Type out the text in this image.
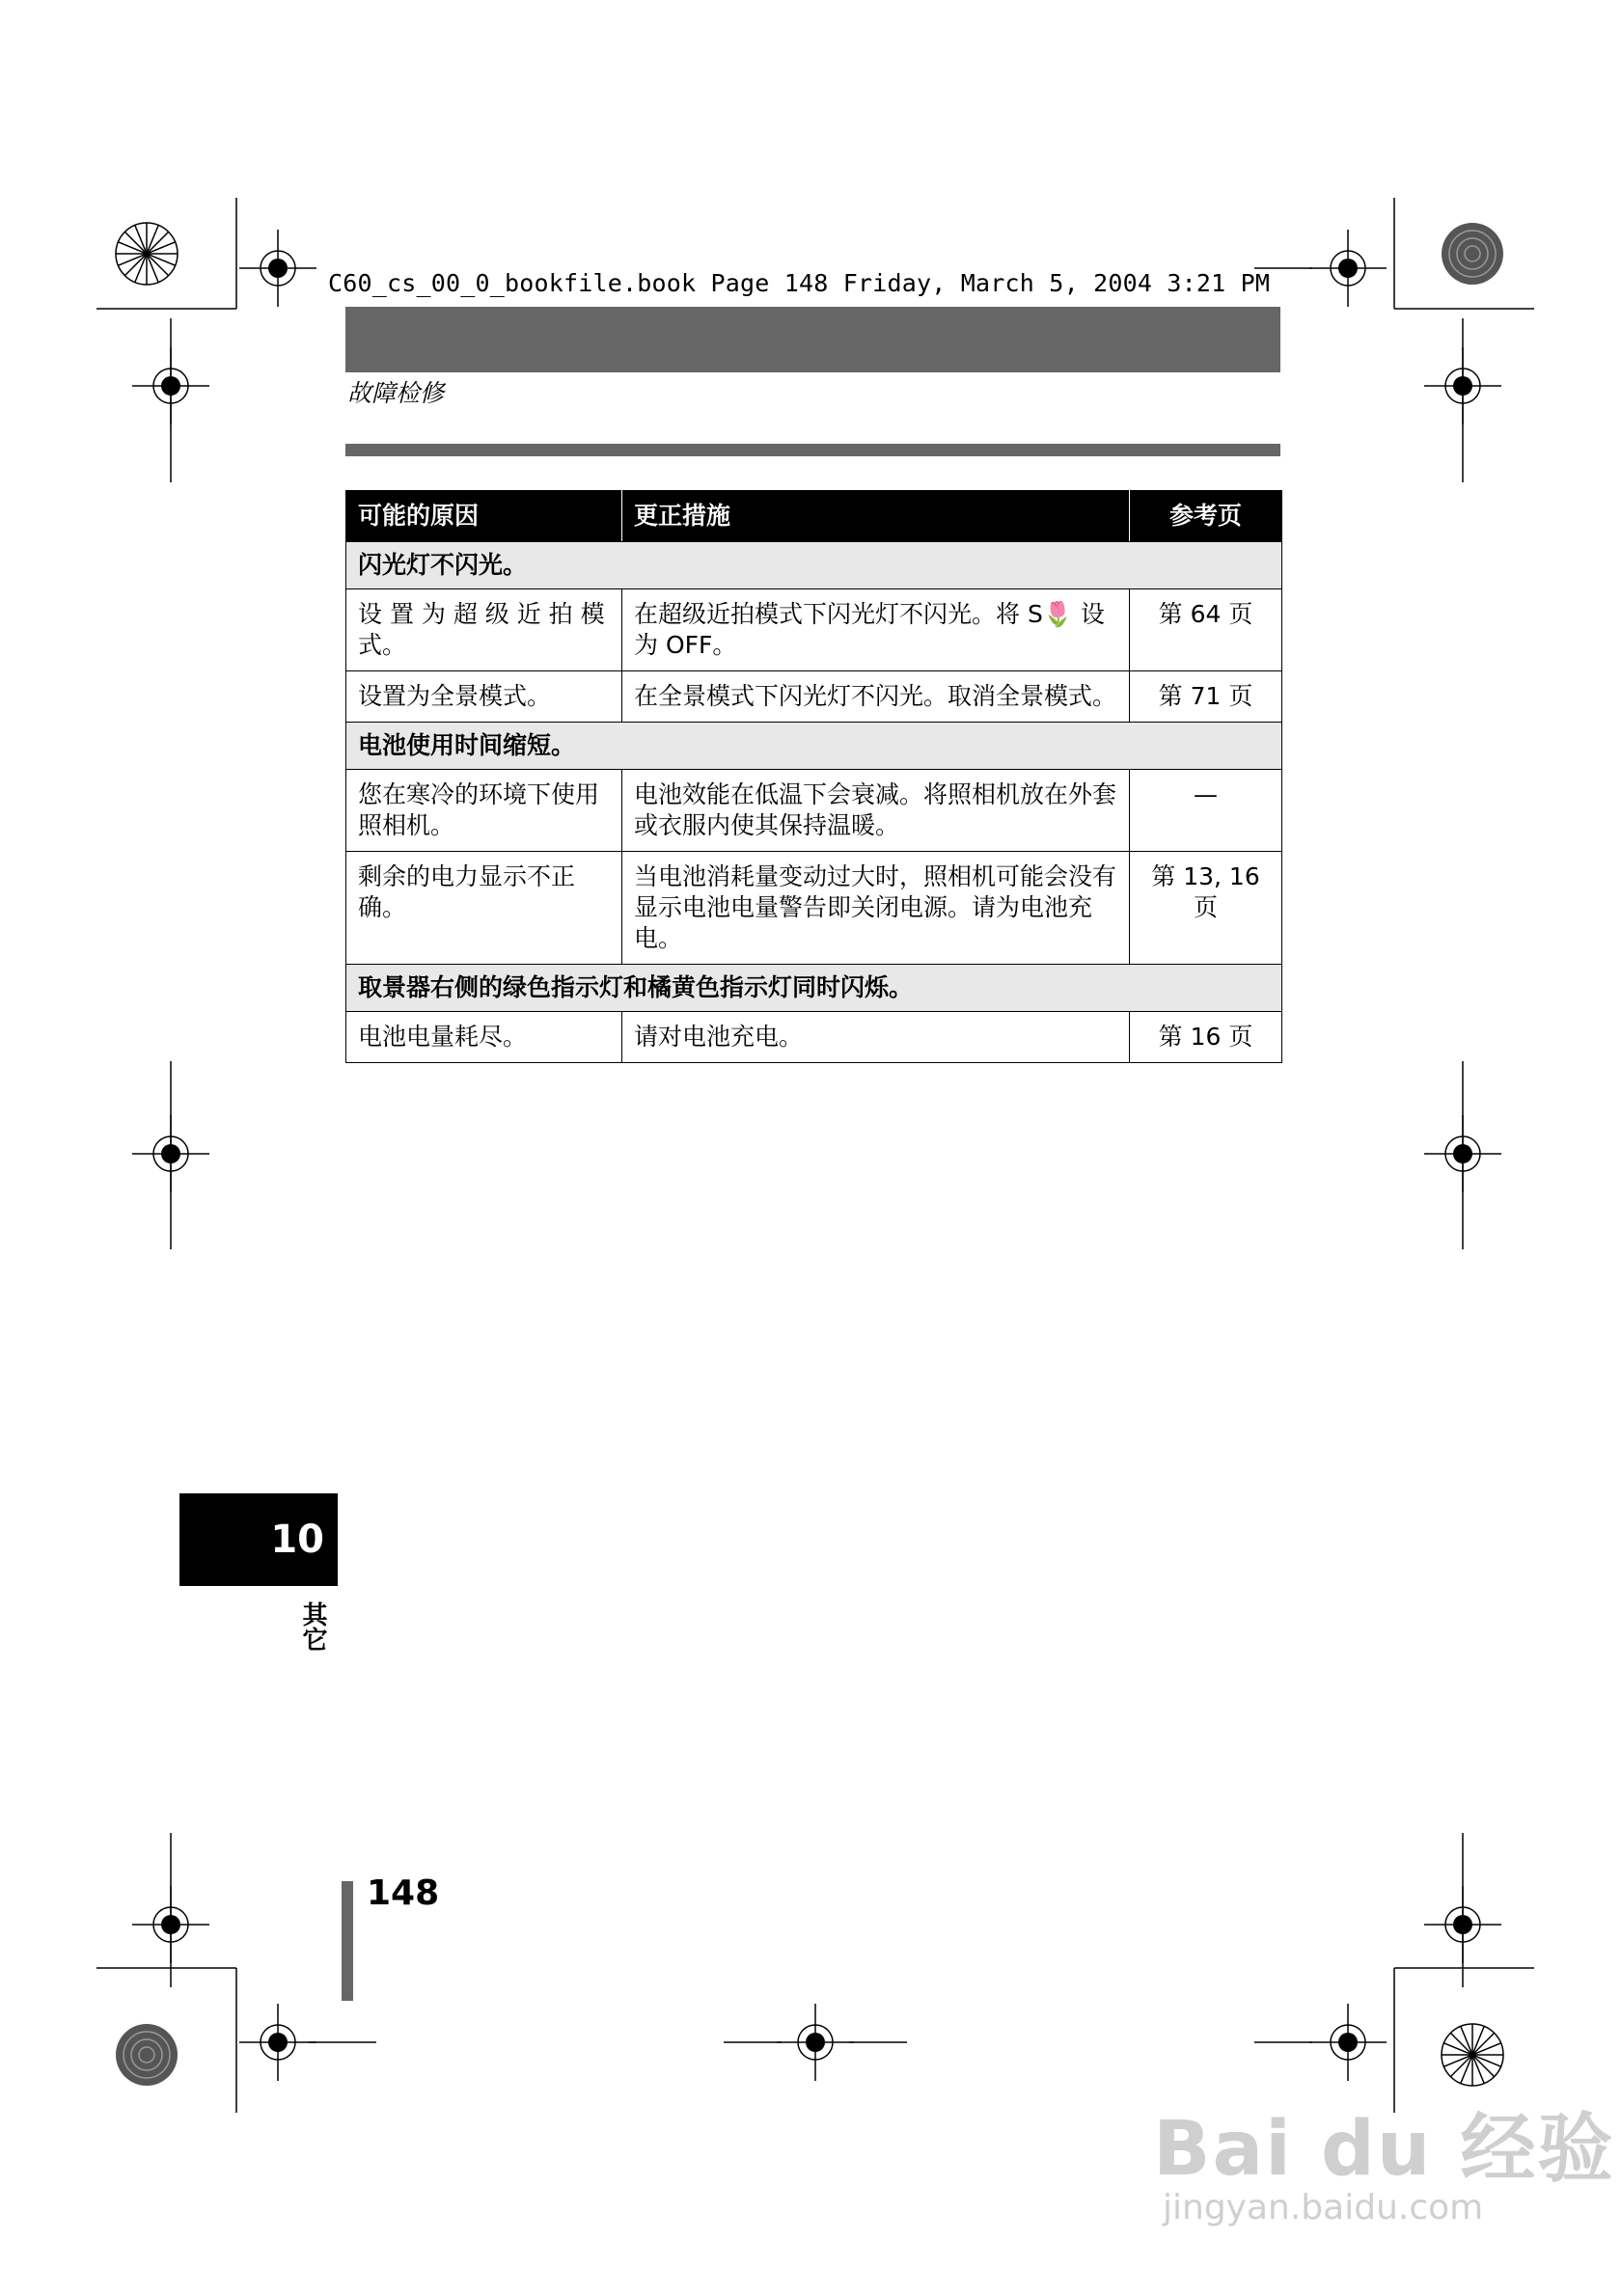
C60_cs_00_0_bookfile.book Page 148 Friday, March 5, 2004 3:21 PM
故障检修
可能的原因	更正措施	参考页
闪光灯不闪光。		
设 置 为 超 级 近 拍 模 式。	在超级近拍模式下闪光灯不闪光。将 S🌷 设为 OFF。	第 64 页
设置为全景模式。	在全景模式下闪光灯不闪光。取消全景模式。	第 71 页
电池使用时间缩短。		
您在寒冷的环境下使用照相机。	电池效能在低温下会衰减。将照相机放在外套或衣服内使其保持温暖。	—
剩余的电力显示不正确。	当电池消耗量变动过大时，照相机可能会没有显示电池电量警告即关闭电源。请为电池充电。	第 13, 16 页
取景器右侧的绿色指示灯和橘黄色指示灯同时闪烁。		
电池电量耗尽。	请对电池充电。	第 16 页
10
其它
148
Bai du 经验
jingyan.baidu.com
